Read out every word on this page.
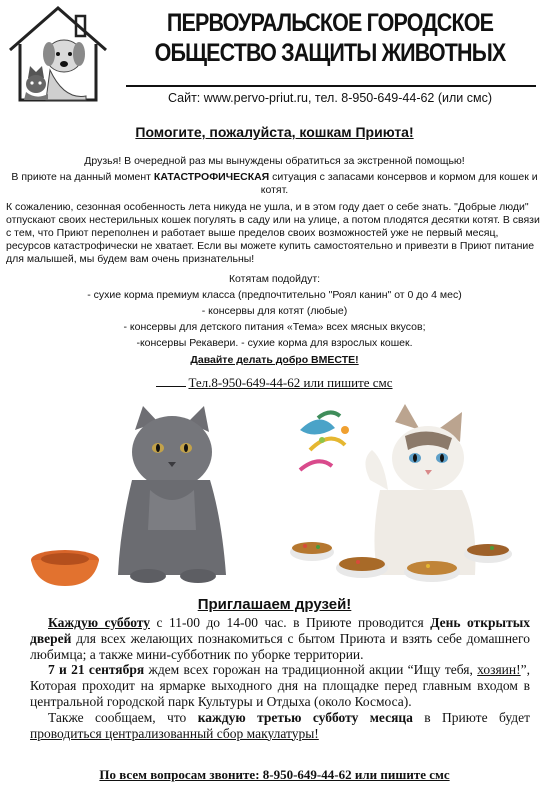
ПЕРВОУРАЛЬСКОЕ ГОРОДСКОЕ
ОБЩЕСТВО ЗАЩИТЫ ЖИВОТНЫХ
Сайт: www.pervo-priut.ru, тел. 8-950-649-44-62 (или смс)
Помогите, пожалуйста, кошкам Приюта!

Друзья! В очередной раз мы вынуждены обратиться за экстренной помощью!

В приюте на данный момент КАТАСТРОФИЧЕСКАЯ ситуация с запасами консервов и кормом для кошек и котят.

К сожалению, сезонная особенность лета никуда не ушла, и в этом году дает о себе знать. "Добрые люди" отпускают своих нестерильных кошек погулять в саду или на улице, а потом плодятся десятки котят. В связи с тем, что Приют переполнен и работает выше пределов своих возможностей уже не первый месяц, ресурсов катастрофически не хватает. Если вы можете купить самостоятельно и привезти в Приют питание для малышей, мы будем вам очень признательны!

Котятам подойдут:

- сухие корма премиум класса (предпочтительно "Роял канин" от 0 до 4 мес)

- консервы для котят (любые)

- консервы для детского питания «Тема» всех мясных вкусов;

-консервы Рекавери. - сухие корма для взрослых кошек.

Давайте делать добро ВМЕСТЕ!

Тел.8-950-649-44-62 или пишите смс
Приглашаем друзей!

Каждую субботу с 11-00 до 14-00 час. в Приюте проводится День открытых дверей для всех желающих познакомиться с бытом Приюта и взять себе домашнего любимца; а также мини-субботник по уборке территории.

7 и 21 сентября ждем всех горожан на традиционной акции “Ищу тебя, хозяин!”, Которая проходит на ярмарке выходного дня на площадке перед главным входом в центральной городской парк Культуры и Отдыха (около Космоса).

Также сообщаем, что каждую третью субботу месяца в Приюте будет проводиться централизованный сбор макулатуры!

По всем вопросам звоните: 8-950-649-44-62 или пишите смс
